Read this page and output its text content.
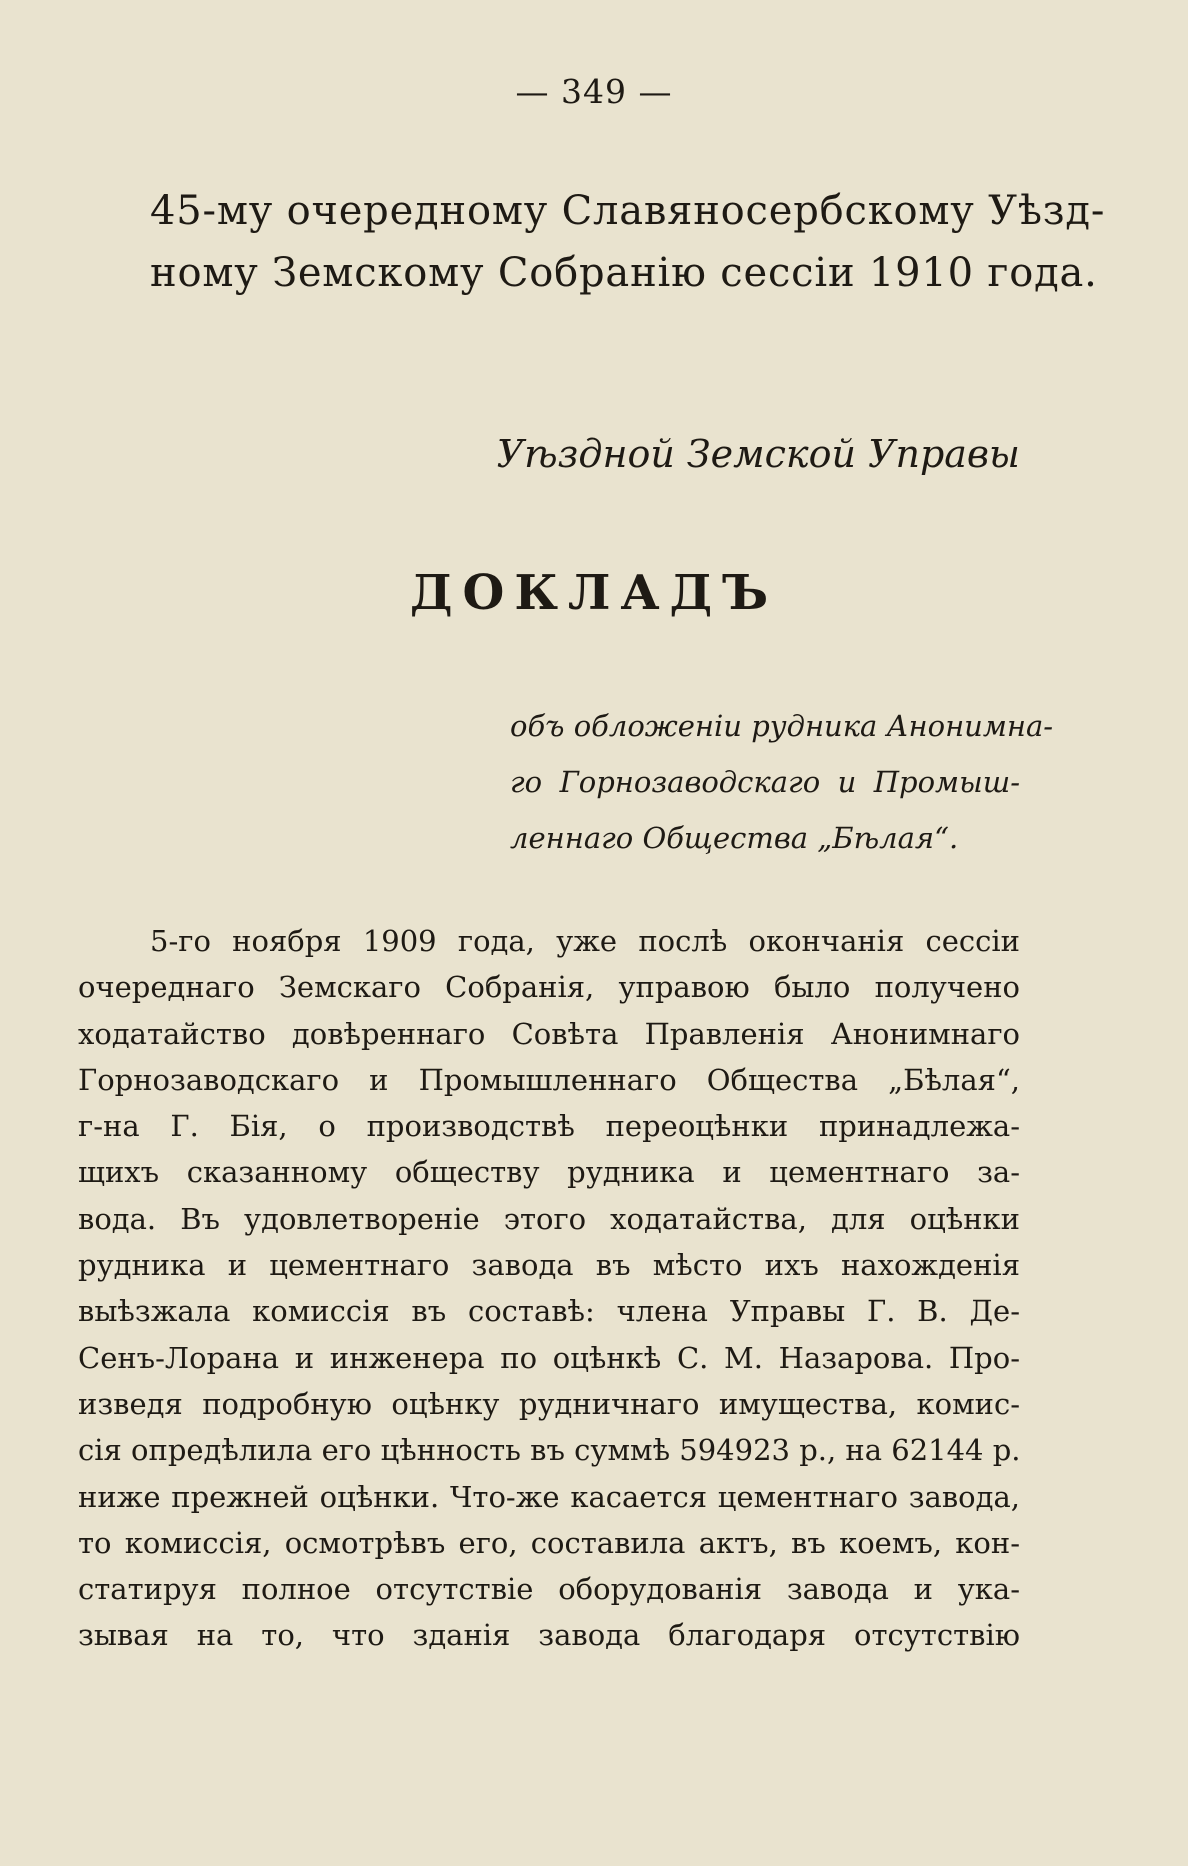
— 349 —
45-му очередному Славяносербскому Уѣзд-
ному Земскому Собранію сессіи 1910 года.
Уѣздной Земской Управы
ДОКЛАДЪ
объ обложеніи рудника Анонимна-
го Горнозаводскаго и Промыш-
леннаго Общества „Бѣлая“.
5-го ноября 1909 года, уже послѣ окончанія сессіи
очереднаго Земскаго Собранія, управою было получено
ходатайство довѣреннаго Совѣта Правленія Анонимнаго
Горнозаводскаго и Промышленнаго Общества „Бѣлая“,
г-на Г. Бія, о производствѣ переоцѣнки принадлежа-
щихъ сказанному обществу рудника и цементнаго за-
вода. Въ удовлетвореніе этого ходатайства, для оцѣнки
рудника и цементнаго завода въ мѣсто ихъ нахожденія
выѣзжала комиссія въ составѣ: члена Управы Г. В. Де-
Сенъ-Лорана и инженера по оцѣнкѣ С. М. Назарова. Про-
изведя подробную оцѣнку рудничнаго имущества, комис-
сія опредѣлила его цѣнность въ суммѣ 594923 р., на 62144 р.
ниже прежней оцѣнки. Что-же касается цементнаго завода,
то комиссія, осмотрѣвъ его, составила актъ, въ коемъ, кон-
статируя полное отсутствіе оборудованія завода и ука-
зывая на то, что зданія завода благодаря отсутствію
